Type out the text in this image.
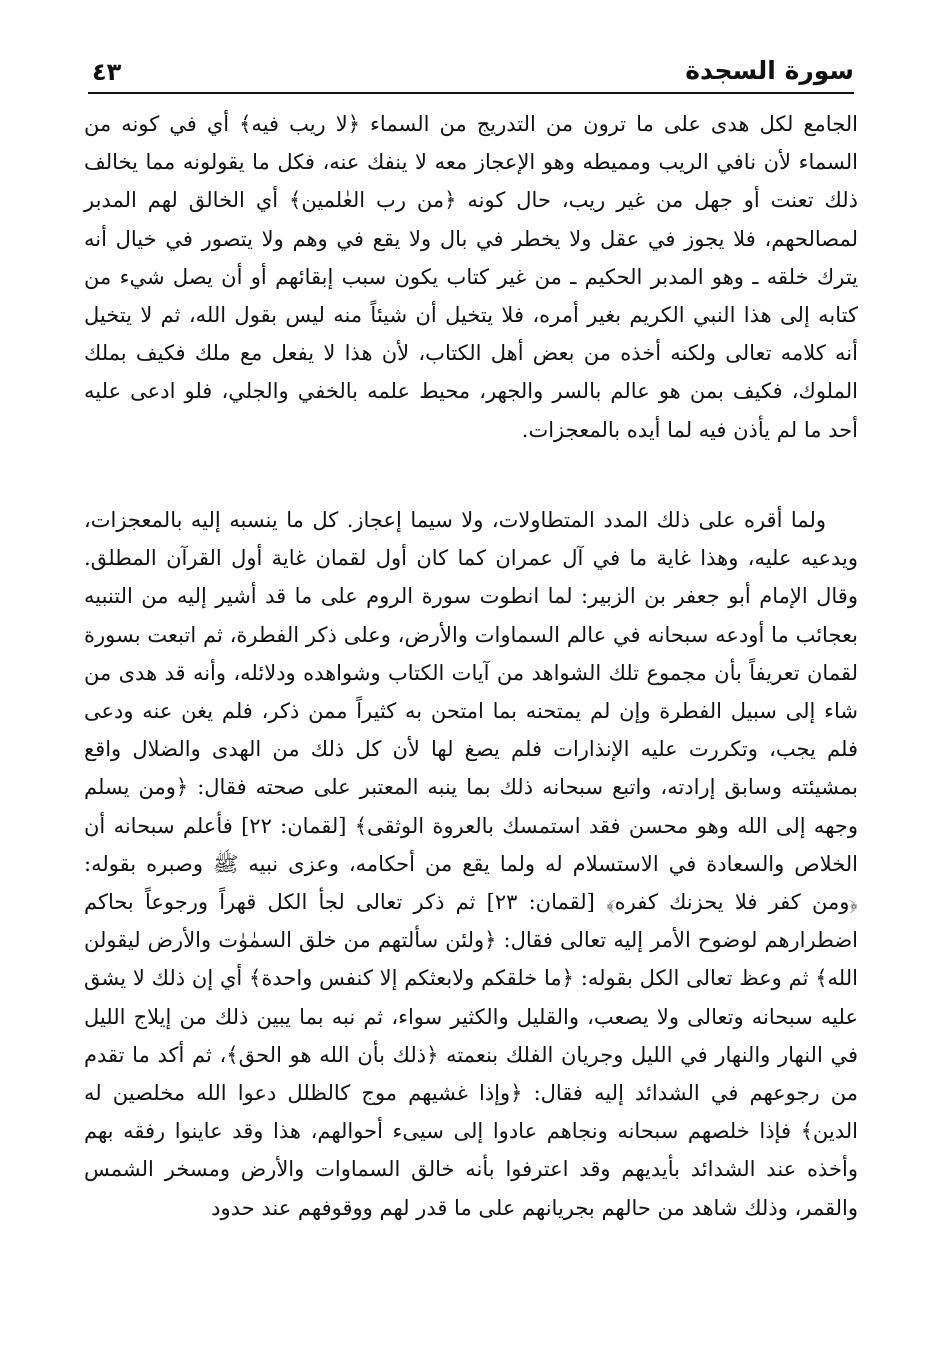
٤٣	سورة السجدة

الجامع لكل هدى على ما ترون من التدريج من السماء ﴿لا ريب فيه﴾ أي في كونه من السماء لأن نافي الريب ومميطه وهو الإعجاز معه لا ينفك عنه، فكل ما يقولونه مما يخالف ذلك تعنت أو جهل من غير ريب، حال كونه ﴿من رب العٰلمين﴾ أي الخالق لهم المدبر لمصالحهم، فلا يجوز في عقل ولا يخطر في بال ولا يقع في وهم ولا يتصور في خيال أنه يترك خلقه ـ وهو المدبر الحكيم ـ من غير كتاب يكون سبب إبقائهم أو أن يصل شيء من كتابه إلى هذا النبي الكريم بغير أمره، فلا يتخيل أن شيئاً منه ليس بقول الله، ثم لا يتخيل أنه كلامه تعالى ولكنه أخذه من بعض أهل الكتاب، لأن هذا لا يفعل مع ملك فكيف بملك الملوك، فكيف بمن هو عالم بالسر والجهر، محيط علمه بالخفي والجلي، فلو ادعى عليه أحد ما لم يأذن فيه لما أيده بالمعجزات.

ولما أقره على ذلك المدد المتطاولات، ولا سيما إعجاز. كل ما ينسبه إليه بالمعجزات، ويدعيه عليه، وهذا غاية ما في آل عمران كما كان أول لقمان غاية أول القرآن المطلق. وقال الإمام أبو جعفر بن الزبير: لما انطوت سورة الروم على ما قد أشير إليه من التنبيه بعجائب ما أودعه سبحانه في عالم السماوات والأرض، وعلى ذكر الفطرة، ثم اتبعت بسورة لقمان تعريفاً بأن مجموع تلك الشواهد من آيات الكتاب وشواهده ودلائله، وأنه قد هدى من شاء إلى سبيل الفطرة وإن لم يمتحنه بما امتحن به كثيراً ممن ذكر، فلم يغن عنه ودعى فلم يجب، وتكررت عليه الإنذارات فلم يصغ لها لأن كل ذلك من الهدى والضلال واقع بمشيئته وسابق إرادته، واتبع سبحانه ذلك بما ينبه المعتبر على صحته فقال: ﴿ومن يسلم وجهه إلى الله وهو محسن فقد استمسك بالعروة الوثقى﴾ [لقمان: ٢٢] فأعلم سبحانه أن الخلاص والسعادة في الاستسلام له ولما يقع من أحكامه، وعزى نبيه ﷺ وصبره بقوله: ﴿ومن كفر فلا يحزنك كفره﴾ [لقمان: ٢٣] ثم ذكر تعالى لجأ الكل قهراً ورجوعاً بحاكم اضطرارهم لوضوح الأمر إليه تعالى فقال: ﴿ولئن سألتهم من خلق السمٰوٰت والأرض ليقولن الله﴾ ثم وعظ تعالى الكل بقوله: ﴿ما خلقكم ولابعثكم إلا كنفس واحدة﴾ أي إن ذلك لا يشق عليه سبحانه وتعالى ولا يصعب، والقليل والكثير سواء، ثم نبه بما يبين ذلك من إيلاج الليل في النهار والنهار في الليل وجريان الفلك بنعمته ﴿ذلك بأن الله هو الحق﴾، ثم أكد ما تقدم من رجوعهم في الشدائد إليه فقال: ﴿وإذا غشيهم موج كالظلل دعوا الله مخلصين له الدين﴾ فإذا خلصهم سبحانه ونجاهم عادوا إلى سيىء أحوالهم، هذا وقد عاينوا رفقه بهم وأخذه عند الشدائد بأيديهم وقد اعترفوا بأنه خالق السماوات والأرض ومسخر الشمس والقمر، وذلك شاهد من حالهم بجريانهم على ما قدر لهم ووقوفهم عند حدود
